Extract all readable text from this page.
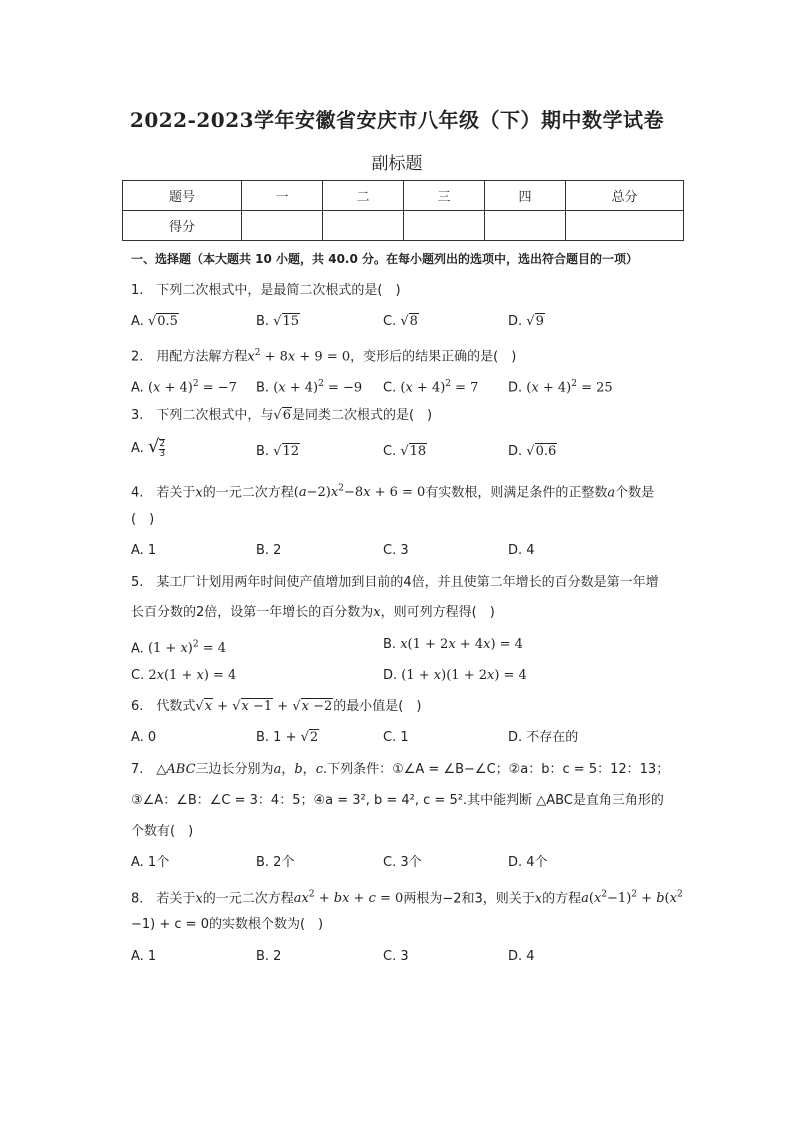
2022-2023学年安徽省安庆市八年级（下）期中数学试卷
副标题
题号	一	二	三	四	总分
得分					
一、选择题（本大题共 10 小题，共 40.0 分。在每小题列出的选项中，选出符合题目的一项）
1.　下列二次根式中，是最简二次根式的是(　)
A. √0.5	B. √15	C. √8	D. √9
2.　用配方法解方程$x^2 + 8x + 9 = 0$，变形后的结果正确的是(　)
A. $(x + 4)^2 = -7$ B. $(x + 4)^2 = -9$ C. $(x + 4)^2 = 7$ D. $(x + 4)^2 = 25$
3.　下列二次根式中，与√6是同类二次根式的是(　)
A. √ $\frac{2}{3}$	B. √12	C. √18	D. √0.6
4.　若关于x的一元二次方程$(a-2)x^2-8x + 6 = 0$有实数根，则满足条件的正整数a个数是
(　)
A. 1	B. 2	C. 3	D. 4
5.　某工厂计划用两年时间使产值增加到目前的4倍，并且使第二年增长的百分数是第一年增
长百分数的2倍，设第一年增长的百分数为x，则可列方程得(　)
A. $(1 + x)^2 = 4$	B. x(1 + 2x + 4x) = 4
C. 2x(1 + x) = 4	D. (1 + x)(1 + 2x) = 4
6.　代数式√x + √x −1 + √x −2的最小值是(　)
A. 0	B. 1 + √2	C. 1	D. 不存在的
7.　△ABC三边长分别为a，b，c.下列条件：①∠A = ∠B−∠C；②a：b：c = 5：12：13；
③∠A：∠B：∠C = 3：4：5；④a = 3², b = 4², c = 5².其中能判断 △ABC是直角三角形的
个数有(　)
A. 1个	B. 2个	C. 3个	D. 4个
8.　若关于x的一元二次方程$ax^2$ + bx + c = 0两根为−2和3，则关于x的方程$a(x^2-1)^2 + b(x^2$
−1) + c = 0的实数根个数为(　)
A. 1	B. 2	C. 3	D. 4
